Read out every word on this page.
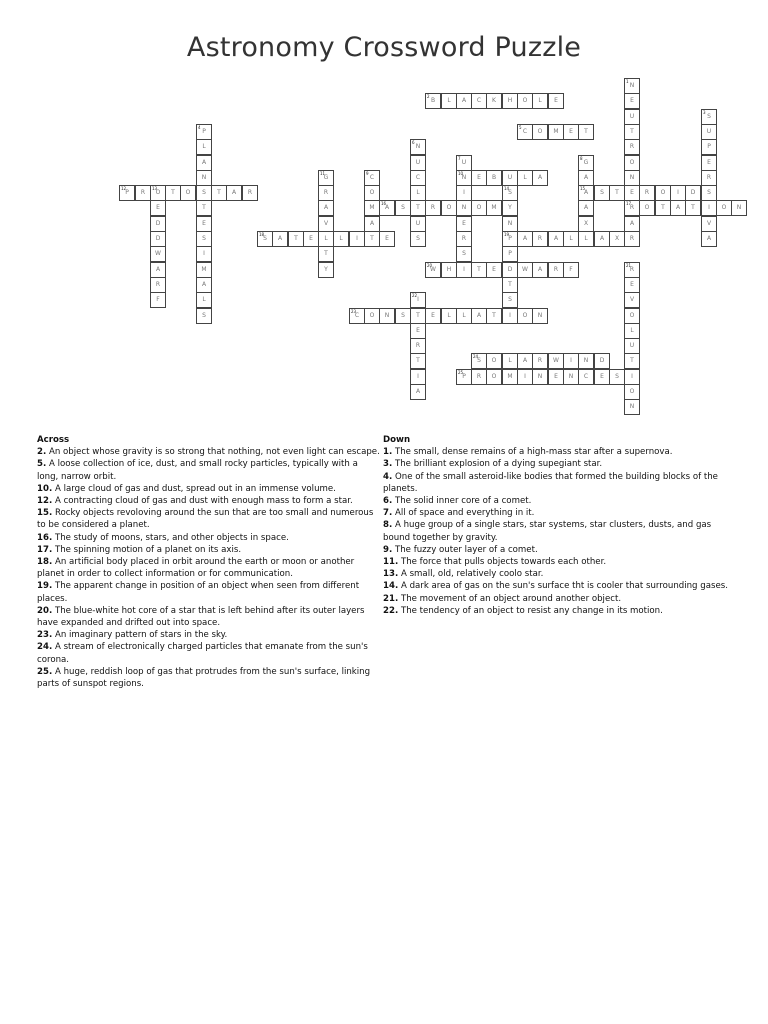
Astronomy Crossword Puzzle
B
2
L	A	C	K	H	O	L	E
C
5
O	M	E	T
N
10
E	B	U	L	A
P
12
R	O
13
T	O	S	T	A	R	A
15
S	T	E	R	O	I	D	S
A
16
S	T	R	O	N	O	M	Y	R
17
O	T	A	T	I	O	N
S
18
A	T	E	L	L	I	T	E	P
19
A	R	A	L	L	A	X
W
20
H	I	T	E	D	W	A	R	F
C
23
O	N	S	T	E	L	L	A	T	I	O	N
S
24
O	L	A	R	W	I	N	D
P
25
R	O	M	I	N	E	N	C	E	S
N
1
E
U
T
R
O
N
A
R
S
3
U
P
E
R
V
A
P
4
L
A
N
T
E
S
I
M
A
L
S
N
6
U
C
L
U
S
U
7
I
E
R
S
G
8
A
A
X
C
9
O
M
A
G
11
R
A
V
T
Y
E
D
D
W
A
R
F
S
14
N
P
T
S
R
21
E
V
O
L
U
T
I
O
N
I
22
E
R
T
I
A
Across
2. An object whose gravity is so strong that nothing, not even light can escape.
5. A loose collection of ice, dust, and small rocky particles, typically with a long, narrow orbit.
10. A large cloud of gas and dust, spread out in an immense volume.
12. A contracting cloud of gas and dust with enough mass to form a star.
15. Rocky objects revoloving around the sun that are too small and numerous to be considered a planet.
16. The study of moons, stars, and other objects in space.
17. The spinning motion of a planet on its axis.
18. An artificial body placed in orbit around the earth or moon or another planet in order to collect information or for communication.
19. The apparent change in position of an object when seen from different places.
20. The blue-white hot core of a star that is left behind after its outer layers have expanded and drifted out into space.
23. An imaginary pattern of stars in the sky.
24. A stream of electronically charged particles that emanate from the sun's corona.
25. A huge, reddish loop of gas that protrudes from the sun's surface, linking parts of sunspot regions.
Down
1. The small, dense remains of a high-mass star after a supernova.
3. The brilliant explosion of a dying supegiant star.
4. One of the small asteroid-like bodies that formed the building blocks of the planets.
6. The solid inner core of a comet.
7. All of space and everything in it.
8. A huge group of a single stars, star systems, star clusters, dusts, and gas bound together by gravity.
9. The fuzzy outer layer of a comet.
11. The force that pulls objects towards each other.
13. A small, old, relatively coolo star.
14. A dark area of gas on the sun's surface tht is cooler that surrounding gases.
21. The movement of an object around another object.
22. The tendency of an object to resist any change in its motion.
